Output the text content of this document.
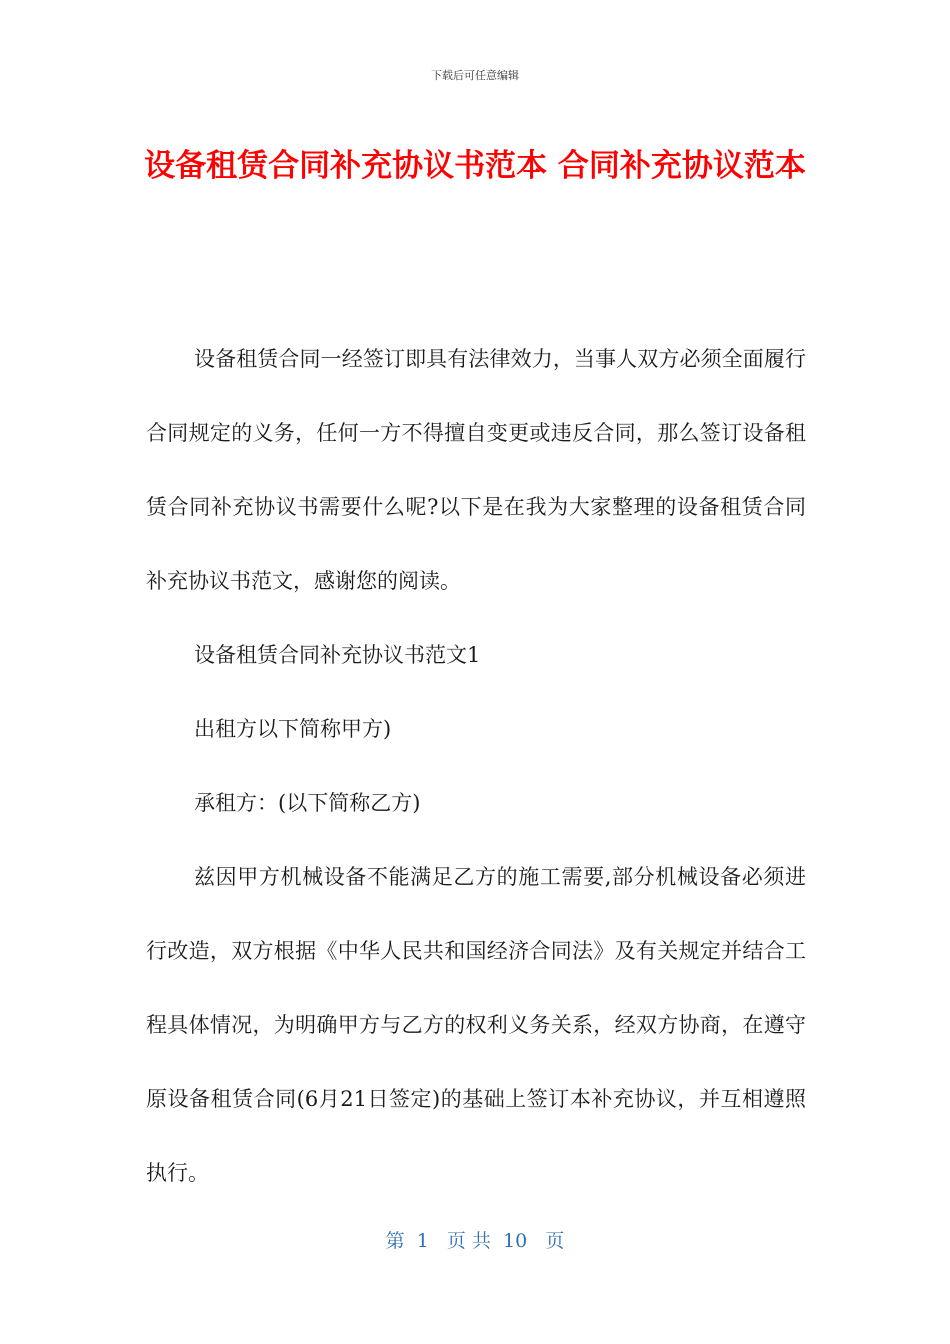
下载后可任意编辑
设备租赁合同补充协议书范本 合同补充协议范本

设备租赁合同一经签订即具有法律效力，当事人双方必须全面履行合同规定的义务，任何一方不得擅自变更或违反合同，那么签订设备租赁合同补充协议书需要什么呢?以下是在我为大家整理的设备租赁合同补充协议书范文，感谢您的阅读。

设备租赁合同补充协议书范文1

出租方以下简称甲方)

承租方：(以下简称乙方)

兹因甲方机械设备不能满足乙方的施工需要,部分机械设备必须进行改造，双方根据《中华人民共和国经济合同法》及有关规定并结合工程具体情况，为明确甲方与乙方的权利义务关系，经双方协商，在遵守原设备租赁合同(6月21日签定)的基础上签订本补充协议，并互相遵照执行。

第  1   页 共  10   页
